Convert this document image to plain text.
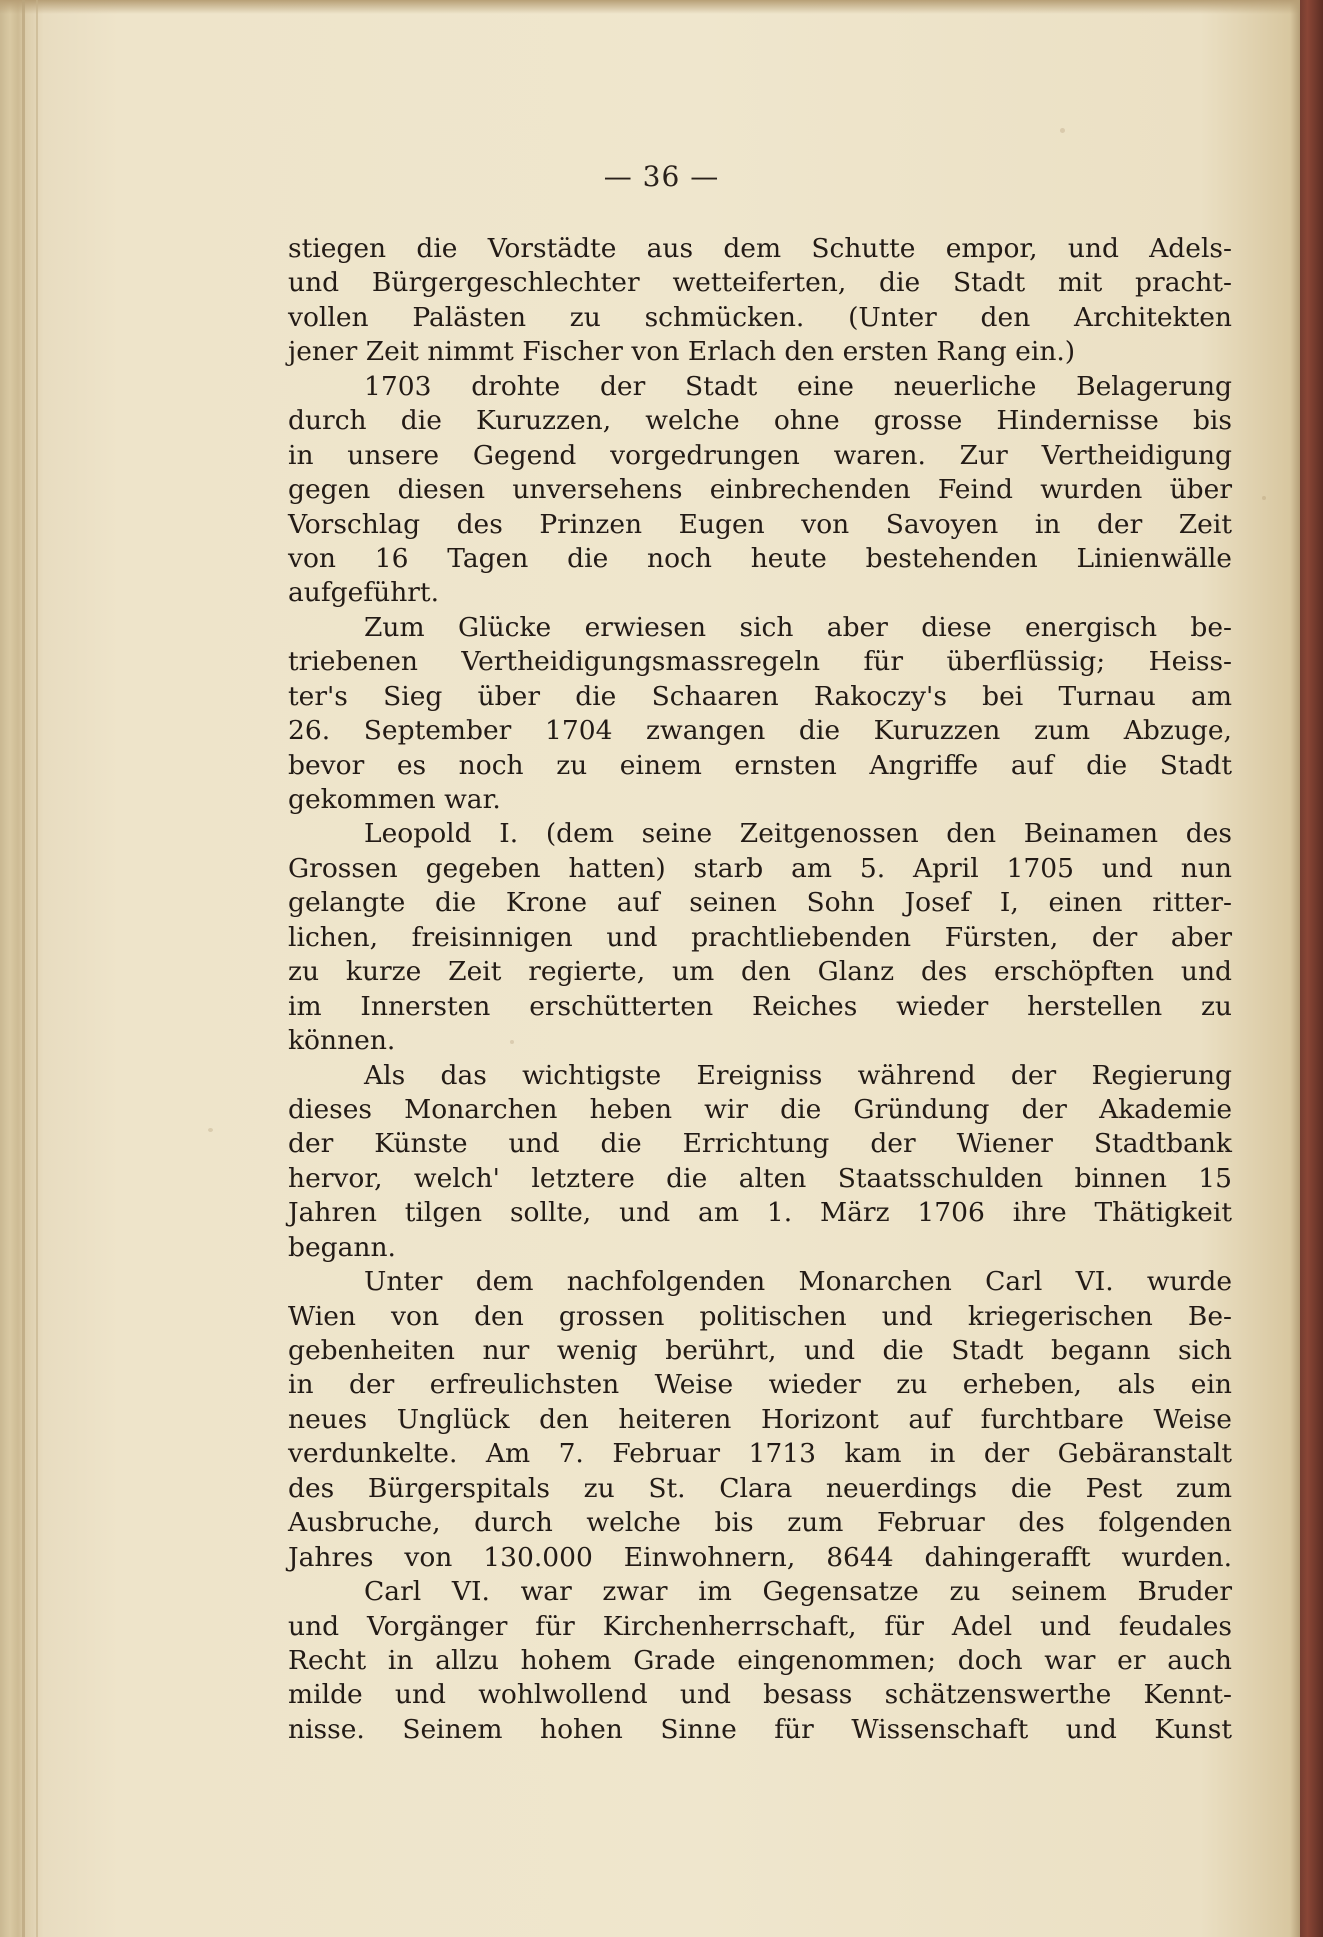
— 36 —
stiegen die Vorstädte aus dem Schutte empor, und Adels-
und Bürgergeschlechter wetteiferten, die Stadt mit pracht-
vollen Palästen zu schmücken. (Unter den Architekten
jener Zeit nimmt Fischer von Erlach den ersten Rang ein.)
1703 drohte der Stadt eine neuerliche Belagerung
durch die Kuruzzen, welche ohne grosse Hindernisse bis
in unsere Gegend vorgedrungen waren. Zur Vertheidigung
gegen diesen unversehens einbrechenden Feind wurden über
Vorschlag des Prinzen Eugen von Savoyen in der Zeit
von 16 Tagen die noch heute bestehenden Linienwälle
aufgeführt.
Zum Glücke erwiesen sich aber diese energisch be-
triebenen Vertheidigungsmassregeln für überflüssig; Heiss-
ter's Sieg über die Schaaren Rakoczy's bei Turnau am
26. September 1704 zwangen die Kuruzzen zum Abzuge,
bevor es noch zu einem ernsten Angriffe auf die Stadt
gekommen war.
Leopold I. (dem seine Zeitgenossen den Beinamen des
Grossen gegeben hatten) starb am 5. April 1705 und nun
gelangte die Krone auf seinen Sohn Josef I, einen ritter-
lichen, freisinnigen und prachtliebenden Fürsten, der aber
zu kurze Zeit regierte, um den Glanz des erschöpften und
im Innersten erschütterten Reiches wieder herstellen zu
können.
Als das wichtigste Ereigniss während der Regierung
dieses Monarchen heben wir die Gründung der Akademie
der Künste und die Errichtung der Wiener Stadtbank
hervor, welch' letztere die alten Staatsschulden binnen 15
Jahren tilgen sollte, und am 1. März 1706 ihre Thätigkeit
begann.
Unter dem nachfolgenden Monarchen Carl VI. wurde
Wien von den grossen politischen und kriegerischen Be-
gebenheiten nur wenig berührt, und die Stadt begann sich
in der erfreulichsten Weise wieder zu erheben, als ein
neues Unglück den heiteren Horizont auf furchtbare Weise
verdunkelte. Am 7. Februar 1713 kam in der Gebäranstalt
des Bürgerspitals zu St. Clara neuerdings die Pest zum
Ausbruche, durch welche bis zum Februar des folgenden
Jahres von 130.000 Einwohnern, 8644 dahingerafft wurden.
Carl VI. war zwar im Gegensatze zu seinem Bruder
und Vorgänger für Kirchenherrschaft, für Adel und feudales
Recht in allzu hohem Grade eingenommen; doch war er auch
milde und wohlwollend und besass schätzenswerthe Kennt-
nisse. Seinem hohen Sinne für Wissenschaft und Kunst
